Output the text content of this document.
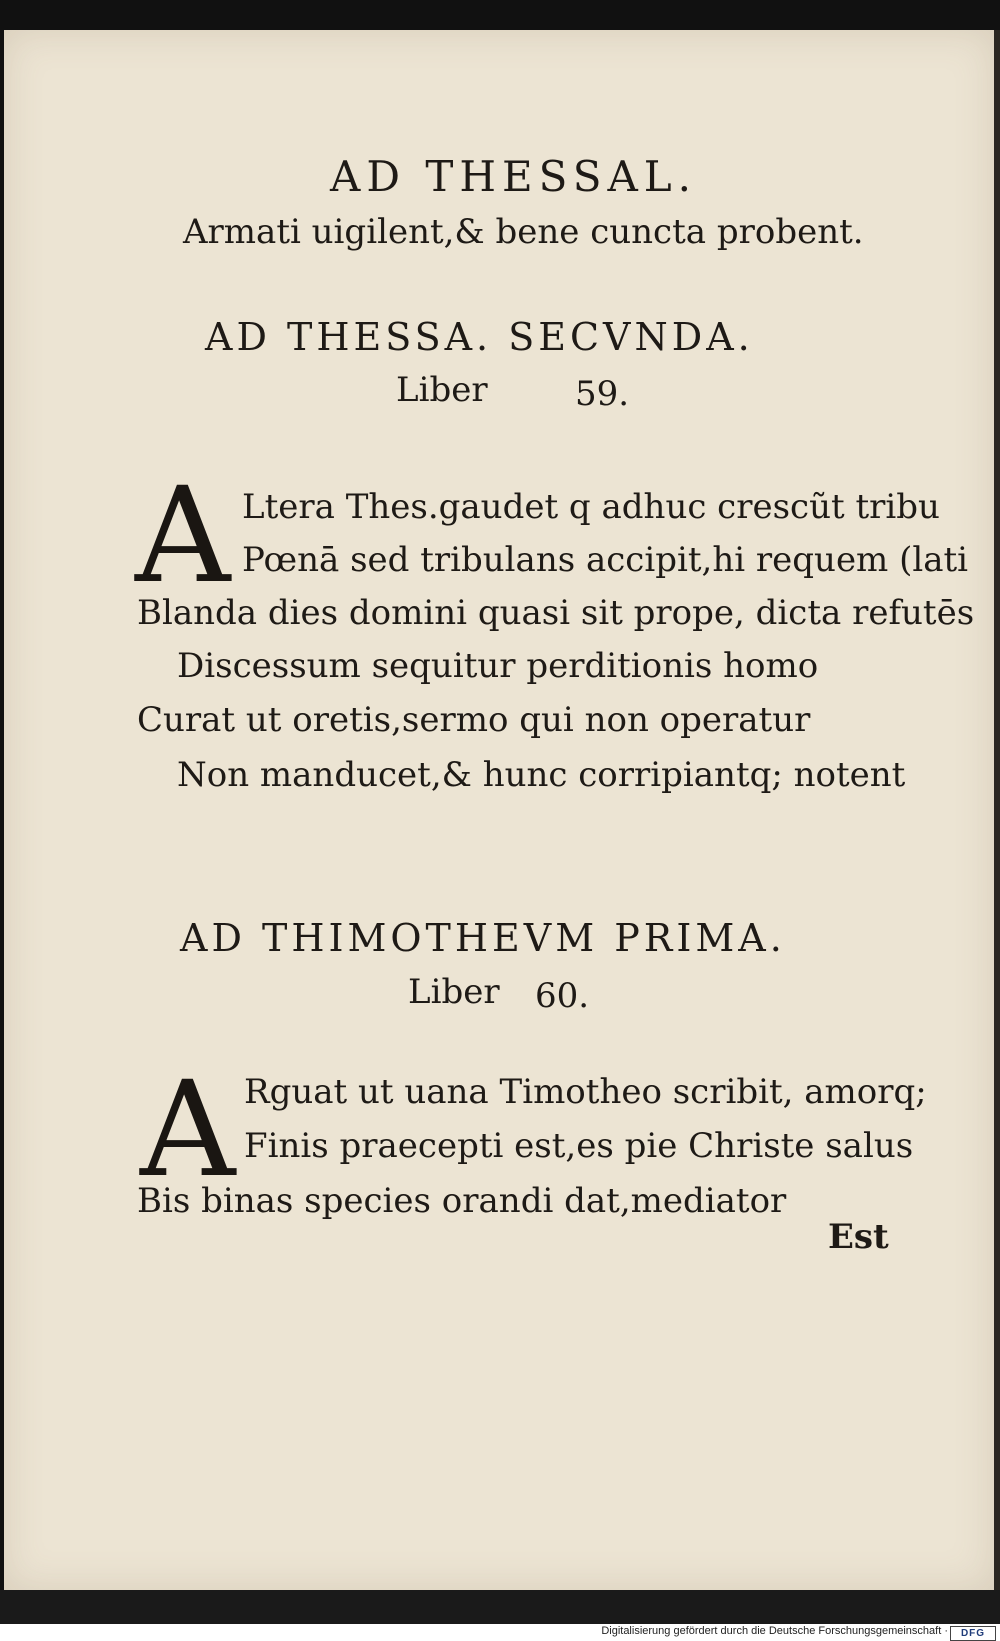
AD THESSAL.
Armati uigilent,& bene cuncta probent.
AD THESSA. SECVNDA.
Liber	59.
A Ltera Thes.gaudet q adhuc crescũt tribu
Pœnā sed tribulans accipit,hi requem (lati
Blanda dies domini quasi sit prope, dicta refutēs
Discessum sequitur perditionis homo
Curat ut oretis,sermo qui non operatur
Non manducet,& hunc corripiantq; notent
AD THIMOTHEVM PRIMA.
Liber 60.
A Rguat ut uana Timotheo scribit, amorq;
Finis praecepti est,es pie Christe salus
Bis binas species orandi dat,mediator
Est
Digitalisierung gefördert durch die Deutsche Forschungsgemeinschaft ·	DFG
